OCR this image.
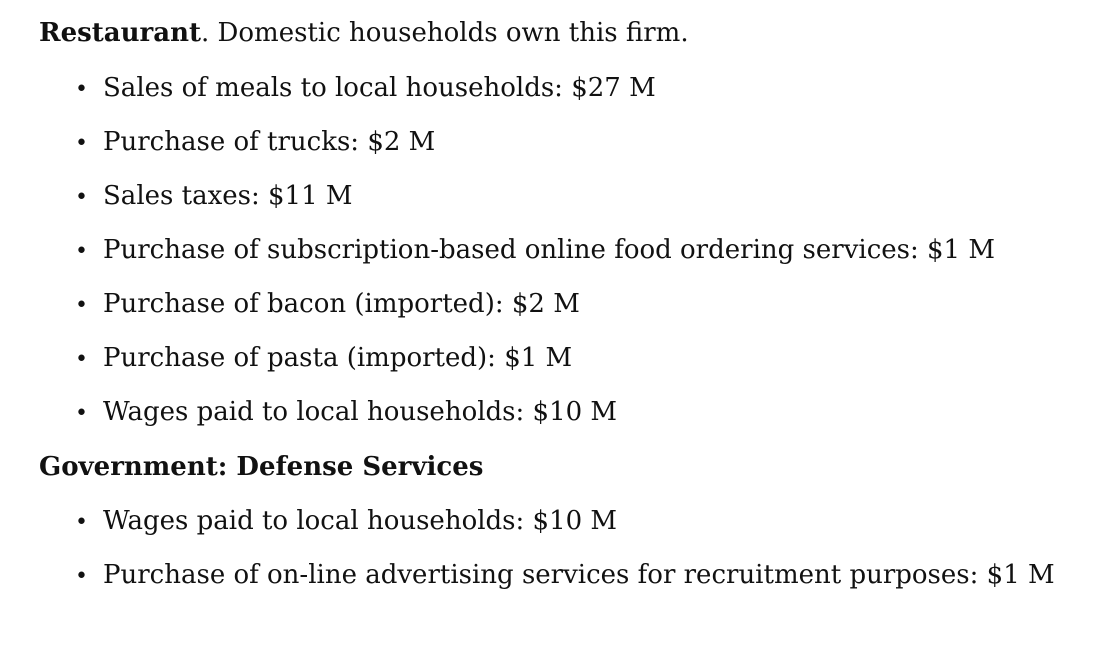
Restaurant. Domestic households own this firm.
• Sales of meals to local households: $27 M
• Purchase of trucks: $2 M
• Sales taxes: $11 M
• Purchase of subscription-based online food ordering services: $1 M
• Purchase of bacon (imported): $2 M
• Purchase of pasta (imported): $1 M
• Wages paid to local households: $10 M
Government: Defense Services
• Wages paid to local households: $10 M
• Purchase of on-line advertising services for recruitment purposes: $1 M
